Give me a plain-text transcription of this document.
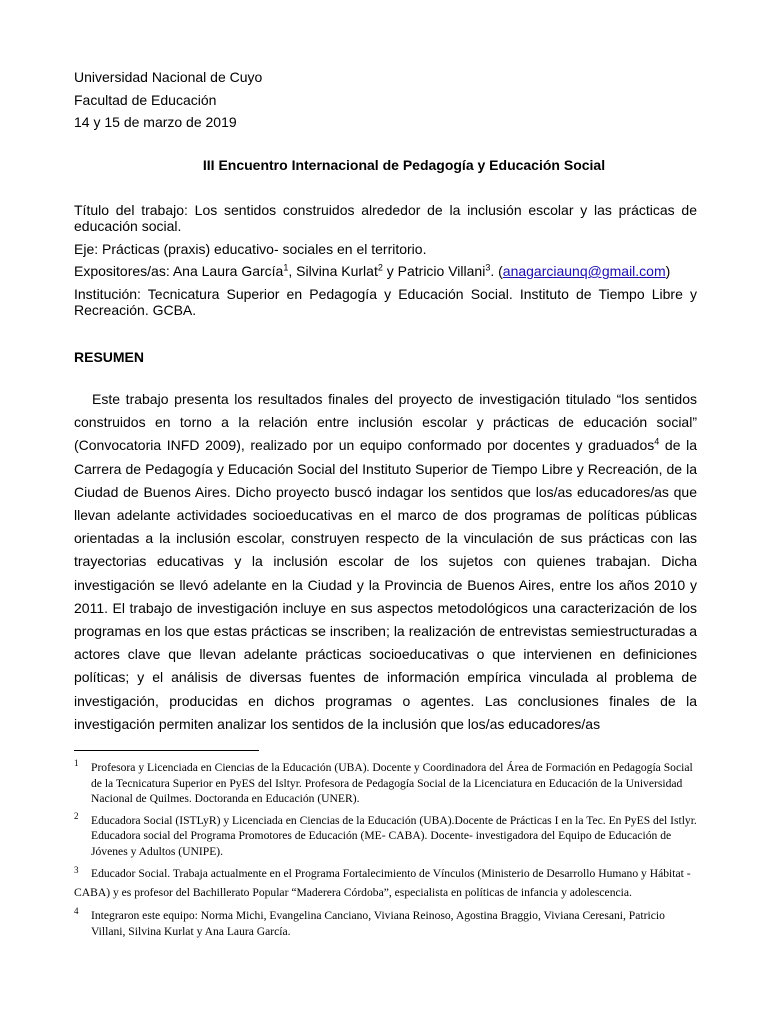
Universidad Nacional de Cuyo

Facultad de Educación

14 y 15 de marzo de 2019

III Encuentro Internacional de Pedagogía y Educación Social

Título del trabajo: Los sentidos construidos alrededor de la inclusión escolar y las prácticas de educación social.

Eje: Prácticas (praxis) educativo- sociales en el territorio.

Expositores/as: Ana Laura García$^1$, Silvina Kurlat$^2$ y Patricio Villani$^3$. (anagarciaunq@gmail.com)

Institución: Tecnicatura Superior en Pedagogía y Educación Social. Instituto de Tiempo Libre y Recreación. GCBA.

RESUMEN

Este trabajo presenta los resultados finales del proyecto de investigación titulado “los sentidos construidos en torno a la relación entre inclusión escolar y prácticas de educación social” (Convocatoria INFD 2009), realizado por un equipo conformado por docentes y graduados$^4$ de la Carrera de Pedagogía y Educación Social del Instituto Superior de Tiempo Libre y Recreación, de la Ciudad de Buenos Aires. Dicho proyecto buscó indagar los sentidos que los/as educadores/as que llevan adelante actividades socioeducativas en el marco de dos programas de políticas públicas orientadas a la inclusión escolar, construyen respecto de la vinculación de sus prácticas con las trayectorias educativas y la inclusión escolar de los sujetos con quienes trabajan. Dicha investigación se llevó adelante en la Ciudad y la Provincia de Buenos Aires, entre los años 2010 y 2011. El trabajo de investigación incluye en sus aspectos metodológicos una caracterización de los programas en los que estas prácticas se inscriben; la realización de entrevistas semiestructuradas a actores clave que llevan adelante prácticas socioeducativas o que intervienen en definiciones políticas; y el análisis de diversas fuentes de información empírica vinculada al problema de investigación, producidas en dichos programas o agentes. Las conclusiones finales de la investigación permiten analizar los sentidos de la inclusión que los/as educadores/as

1	Profesora y Licenciada en Ciencias de la Educación (UBA). Docente y Coordinadora del Área de Formación en Pedagogía Social de la Tecnicatura Superior en PyES del Isltyr. Profesora de Pedagogía Social de la Licenciatura en Educación de la Universidad Nacional de Quilmes. Doctoranda en Educación (UNER).
2	Educadora Social (ISTLyR) y Licenciada en Ciencias de la Educación (UBA).Docente de Prácticas I en la Tec. En PyES del Istlyr. Educadora social del Programa Promotores de Educación (ME- CABA). Docente- investigadora del Equipo de Educación de Jóvenes y Adultos (UNIPE).
3	Educador Social. Trabaja actualmente en el Programa Fortalecimiento de Vínculos (Ministerio de Desarrollo Humano y Hábitat - CABA) y es profesor del Bachillerato Popular “Maderera Córdoba”, especialista en políticas de infancia y adolescencia.
4	Integraron este equipo: Norma Michi, Evangelina Canciano, Viviana Reinoso, Agostina Braggio, Viviana Ceresani, Patricio Villani, Silvina Kurlat y Ana Laura García.
